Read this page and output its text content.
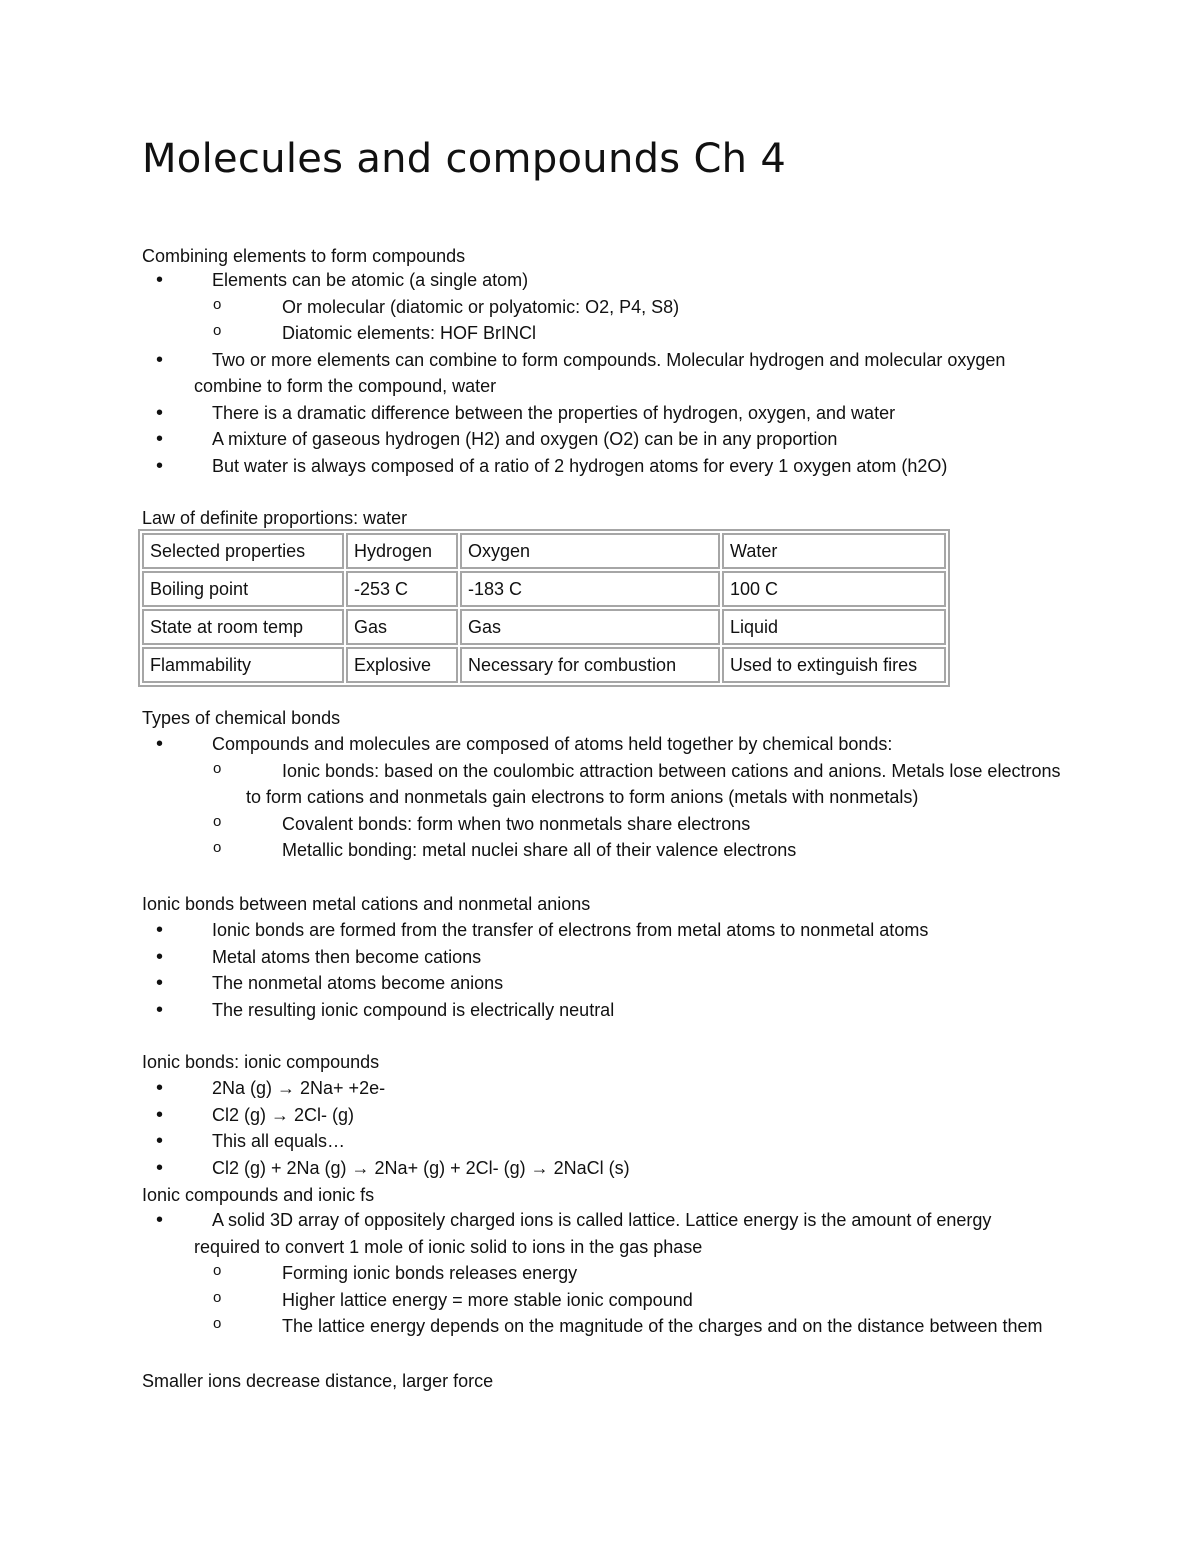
Molecules and compounds Ch 4
Combining elements to form compounds
• Elements can be atomic (a single atom)
o Or molecular (diatomic or polyatomic: O2, P4, S8)
o Diatomic elements: HOF BrINCl
• Two or more elements can combine to form compounds. Molecular hydrogen and molecular oxygen combine to form the compound, water
• There is a dramatic difference between the properties of hydrogen, oxygen, and water
• A mixture of gaseous hydrogen (H2) and oxygen (O2) can be in any proportion
• But water is always composed of a ratio of 2 hydrogen atoms for every 1 oxygen atom (h2O)
Law of definite proportions: water
Selected properties	Hydrogen	Oxygen	Water
Boiling point	-253 C	-183 C	100 C
State at room temp	Gas	Gas	Liquid
Flammability	Explosive	Necessary for combustion	Used to extinguish fires
Types of chemical bonds
• Compounds and molecules are composed of atoms held together by chemical bonds:
o Ionic bonds: based on the coulombic attraction between cations and anions. Metals lose electrons to form cations and nonmetals gain electrons to form anions (metals with nonmetals)
o Covalent bonds: form when two nonmetals share electrons
o Metallic bonding: metal nuclei share all of their valence electrons
Ionic bonds between metal cations and nonmetal anions
• Ionic bonds are formed from the transfer of electrons from metal atoms to nonmetal atoms
• Metal atoms then become cations
• The nonmetal atoms become anions
• The resulting ionic compound is electrically neutral
Ionic bonds: ionic compounds
• 2Na (g) → 2Na+ +2e-
• Cl2 (g) → 2Cl- (g)
• This all equals…
• Cl2 (g) + 2Na (g) → 2Na+ (g) + 2Cl- (g) → 2NaCl (s)
Ionic compounds and ionic fs
• A solid 3D array of oppositely charged ions is called lattice. Lattice energy is the amount of energy required to convert 1 mole of ionic solid to ions in the gas phase
o Forming ionic bonds releases energy
o Higher lattice energy = more stable ionic compound
o The lattice energy depends on the magnitude of the charges and on the distance between them
Smaller ions decrease distance, larger force
